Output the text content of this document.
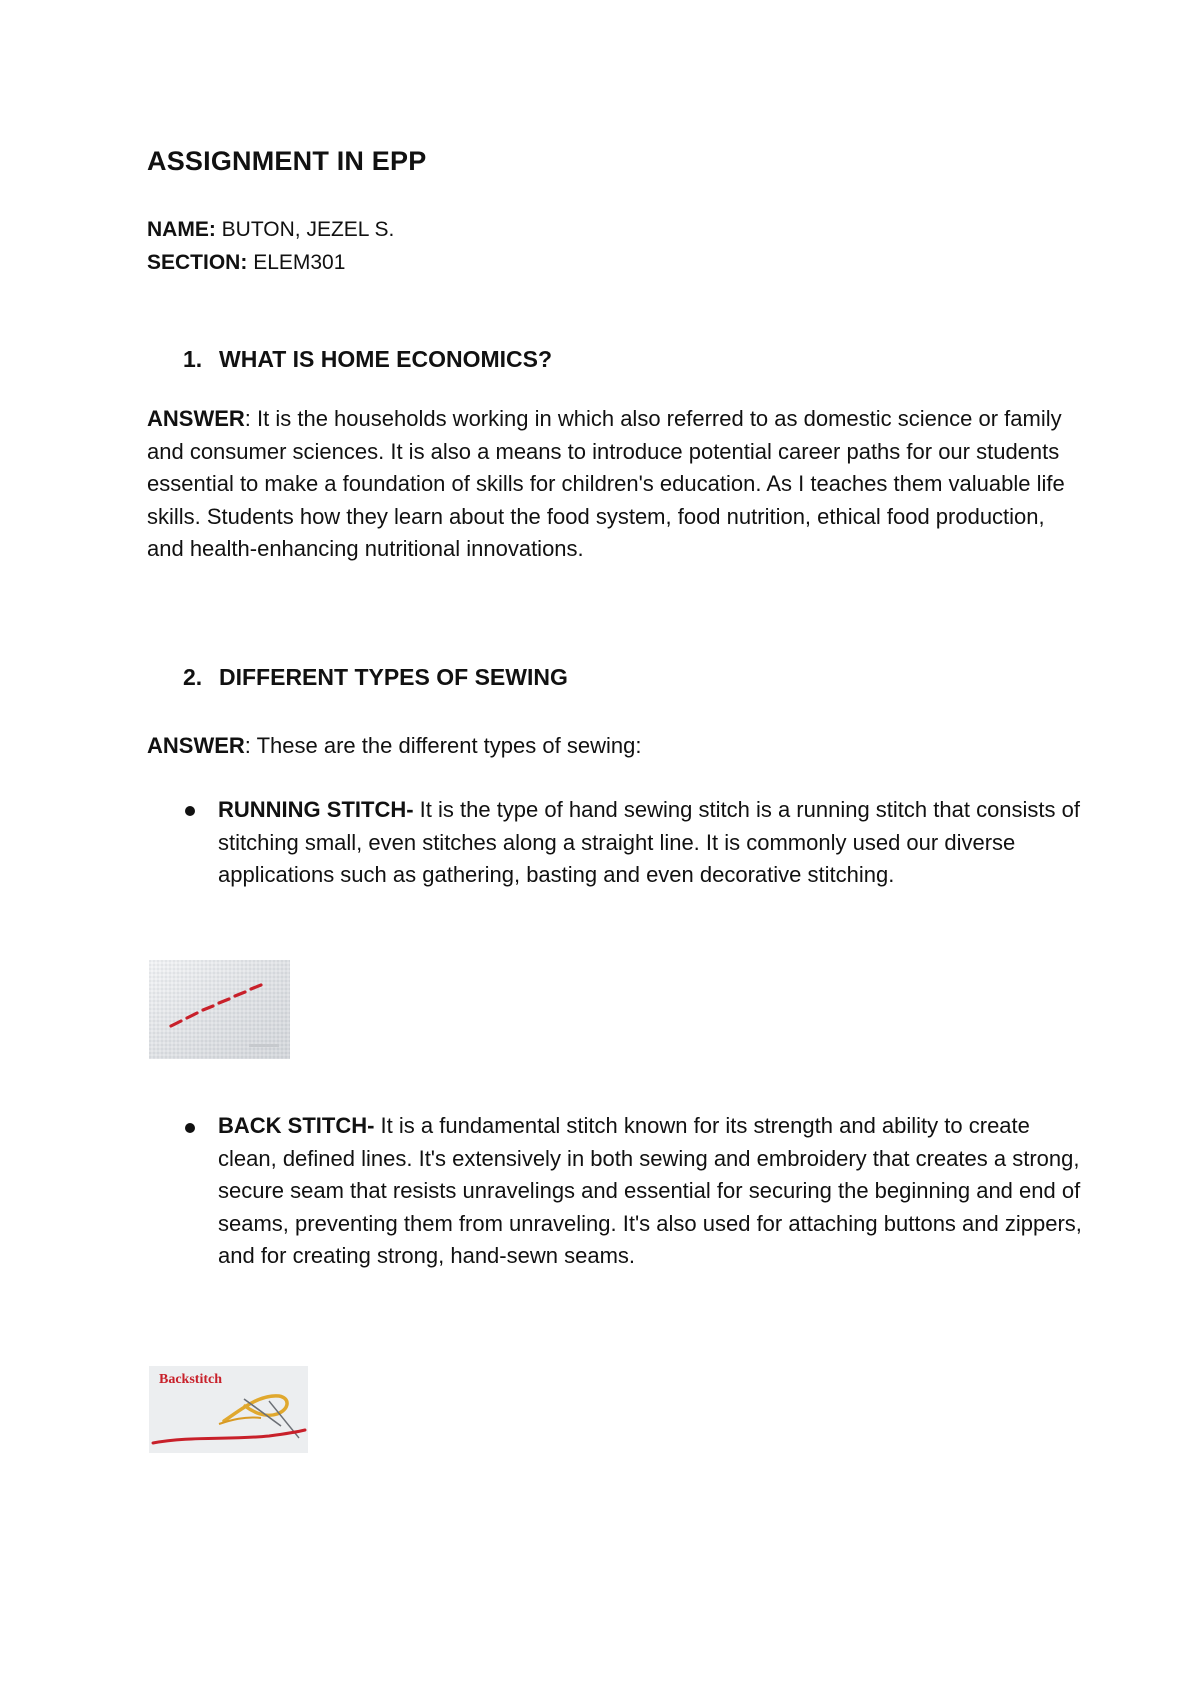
ASSIGNMENT IN EPP
NAME: BUTON, JEZEL S.
SECTION: ELEM301
1. WHAT IS HOME ECONOMICS?
ANSWER: It is the households working in which also referred to as domestic science or family and consumer sciences. It is also a means to introduce potential career paths for our students essential to make a foundation of skills for children's education. As I teaches them valuable life skills. Students how they learn about the food system, food nutrition, ethical food production, and health-enhancing nutritional innovations.
2. DIFFERENT TYPES OF SEWING
ANSWER: These are the different types of sewing:
RUNNING STITCH- It is the type of hand sewing stitch is a running stitch that consists of stitching small, even stitches along a straight line. It is commonly used our diverse applications such as gathering, basting and even decorative stitching.
BACK STITCH- It is a fundamental stitch known for its strength and ability to create clean, defined lines. It's extensively in both sewing and embroidery that creates a strong, secure seam that resists unravelings and essential for securing the beginning and end of seams, preventing them from unraveling. It's also used for attaching buttons and zippers, and for creating strong, hand-sewn seams.
Backstitch
